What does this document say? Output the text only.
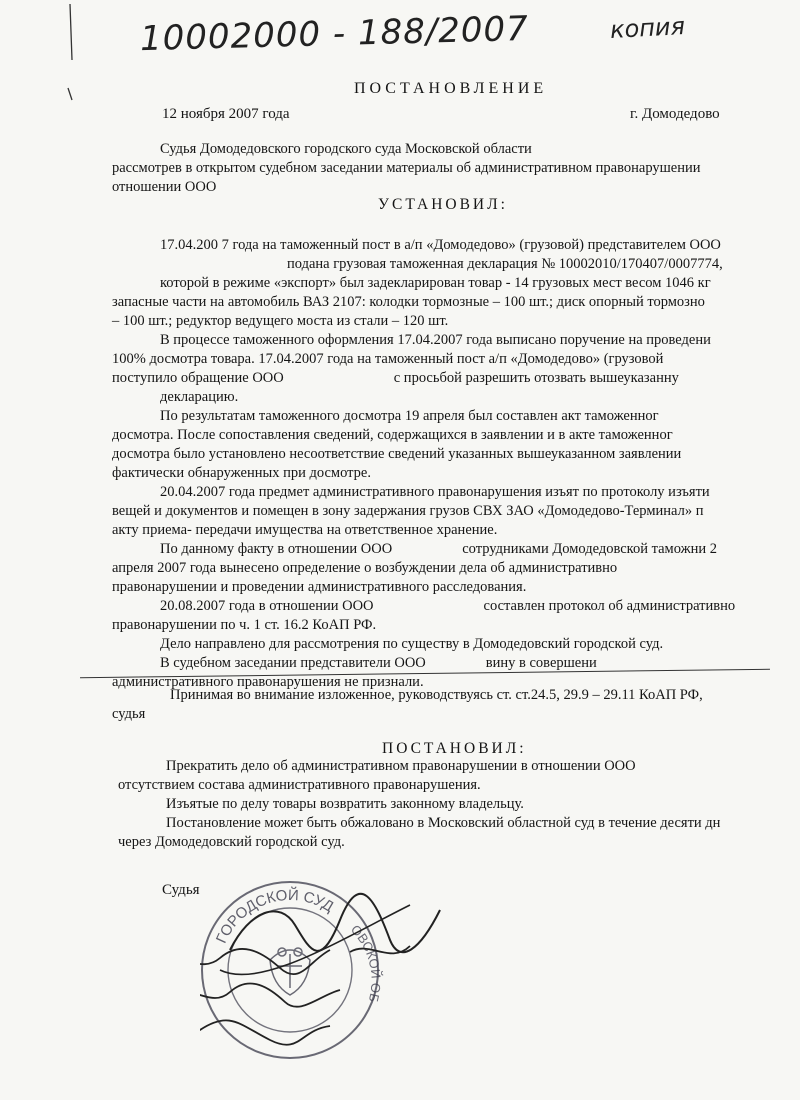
10002000 - 188/2007	копия
ПОСТАНОВЛЕНИЕ
12 ноября 2007 года	г. Домодедово
Судья Домодедовского городского суда Московской области
рассмотрев в открытом судебном заседании материалы об административном правонарушении
отношении ООО
УСТАНОВИЛ:
17.04.200 7 года на таможенный пост в а/п «Домодедово» (грузовой) представителем ООО
подана грузовая таможенная декларация № 10002010/170407/0007774,
которой в режиме «экспорт» был задекларирован товар - 14 грузовых мест весом 1046 кг
запасные части на автомобиль ВАЗ 2107: колодки тормозные – 100 шт.; диск опорный тормозно
– 100 шт.; редуктор ведущего моста из стали – 120 шт.
В процессе таможенного оформления 17.04.2007 года выписано поручение на проведени
100% досмотра товара. 17.04.2007 года на таможенный пост а/п «Домодедово» (грузовой
поступило обращение ООО	с просьбой разрешить отозвать вышеуказанну
декларацию.
По результатам таможенного досмотра 19 апреля был составлен акт таможенног
досмотра. После сопоставления сведений, содержащихся в заявлении и в акте таможенног
досмотра было установлено несоответствие сведений указанных вышеуказанном заявлении
фактически обнаруженных при досмотре.
20.04.2007 года предмет административного правонарушения изъят по протоколу изъяти
вещей и документов и помещен в зону задержания грузов СВХ ЗАО «Домодедово-Терминал» п
акту приема- передачи имущества на ответственное хранение.
По данному факту в отношении ООО	сотрудниками Домодедовской таможни 2
апреля 2007 года вынесено определение о возбуждении дела об административно
правонарушении и проведении административного расследования.
20.08.2007 года в отношении ООО	составлен протокол об административно
правонарушении по ч. 1 ст. 16.2 КоАП РФ.
Дело направлено для рассмотрения по существу в Домодедовский городской суд.
В судебном заседании представители ООО	вину в совершени
административного правонарушения не признали.
Принимая во внимание изложенное, руководствуясь ст. ст.24.5, 29.9 – 29.11 КоАП РФ,
судья
ПОСТАНОВИЛ:
Прекратить дело об административном правонарушении в отношении ООО
отсутствием состава административного правонарушения.
Изъятые по делу товары возвратить законному владельцу.
Постановление может быть обжаловано в Московский областной суд в течение десяти дн
через Домодедовский городской суд.
Судья
ГОРОДСКОЙ СУД
ОВСКОЙ ОБ
